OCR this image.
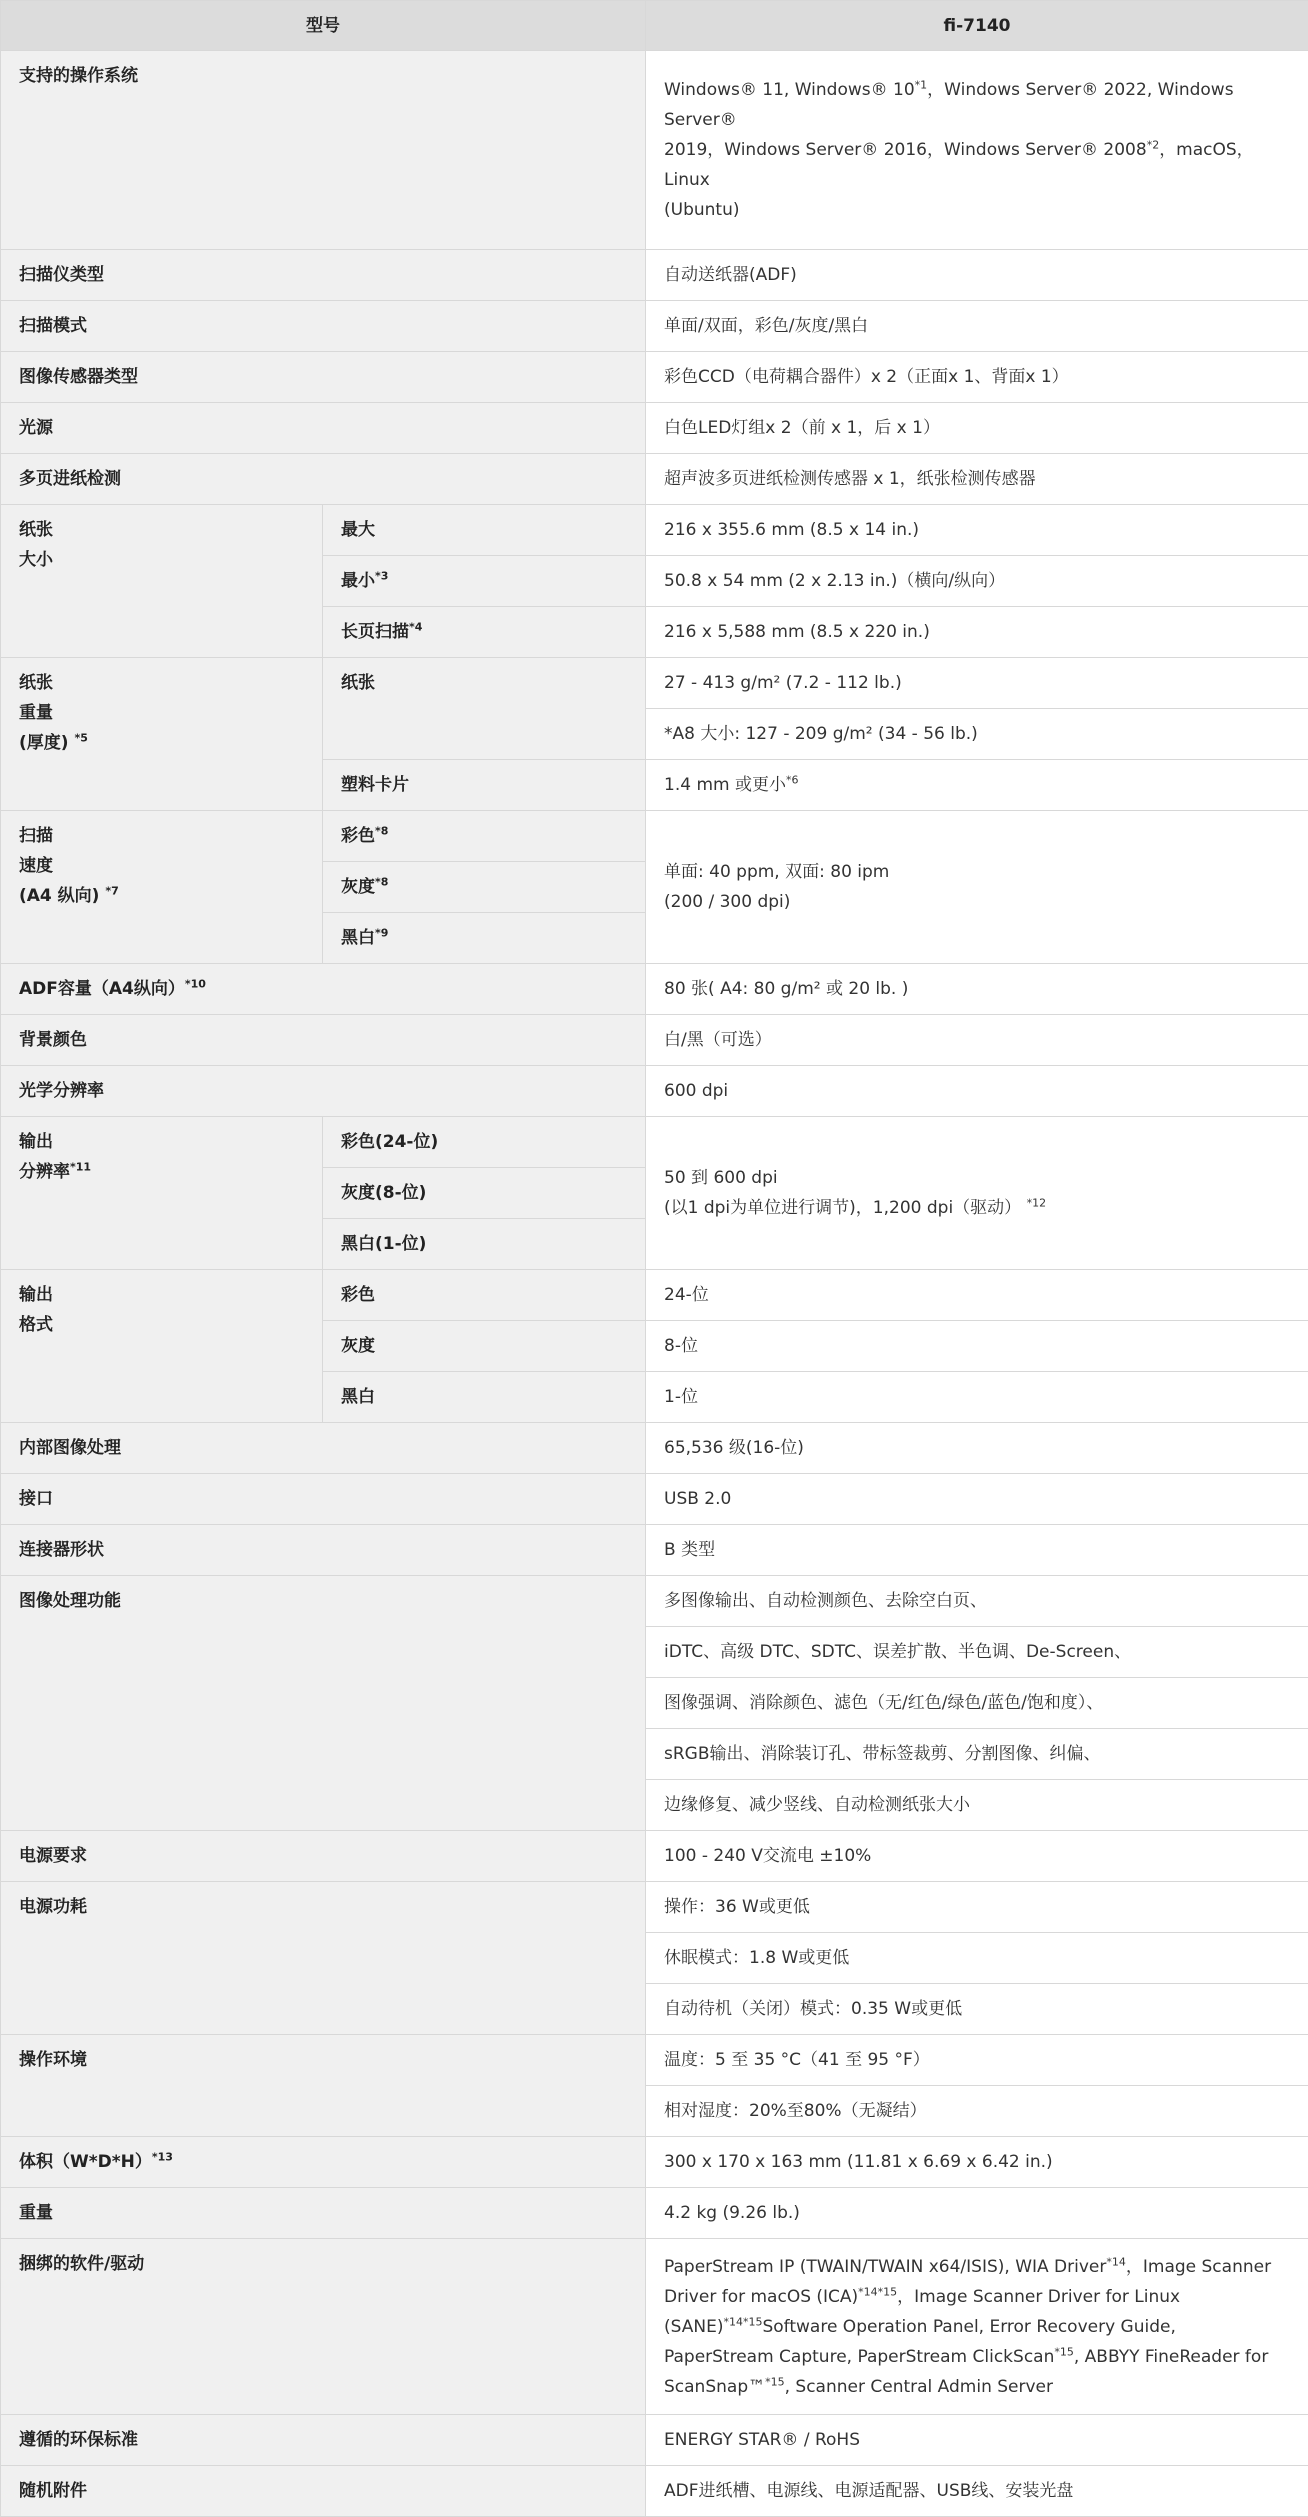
型号		fi-7140
支持的操作系统		Windows® 11, Windows® 10$^{*1}$，Windows Server® 2022, Windows Server®
2019，Windows Server® 2016，Windows Server® 2008$^{*2}$，macOS，Linux
(Ubuntu)
扫描仪类型		自动送纸器(ADF)
扫描模式		单面/双面，彩色/灰度/黑白
图像传感器类型		彩色CCD（电荷耦合器件）x 2（正面x 1、背面x 1）
光源		白色LED灯组x 2（前 x 1，后 x 1）
多页进纸检测		超声波多页进纸检测传感器 x 1，纸张检测传感器

纸张
大小	最大	216 x 355.6 mm (8.5 x 14 in.)
	最小$^{*3}$	50.8 x 54 mm (2 x 2.13 in.)（横向/纵向）
	长页扫描$^{*4}$	216 x 5,588 mm (8.5 x 220 in.)

纸张
重量
(厚度) $^{*5}$	纸张	27 - 413 g/m² (7.2 - 112 lb.)
		*A8 大小: 127 - 209 g/m² (34 - 56 lb.)
	塑料卡片	1.4 mm 或更小$^{*6}$

扫描
速度
(A4 纵向) $^{*7}$	彩色$^{*8}$	单面: 40 ppm, 双面: 80 ipm
(200 / 300 dpi)

	灰度$^{*8}$
	黑白$^{*9}$
ADF容量（A4纵向）$^{*10}$		80 张( A4: 80 g/m² 或 20 lb. )
背景颜色		白/黑（可选）
光学分辨率		600 dpi

输出
分辨率$^{*11}$	彩色(24-位)	50 到 600 dpi
(以1 dpi为单位进行调节)，1,200 dpi（驱动） $^{*12}$

	灰度(8-位)	
	黑白(1-位)	

输出
格式	彩色	24-位
	灰度	8-位
	黑白	1-位
内部图像处理		65,536 级(16-位)
接口		USB 2.0
连接器形状		B 类型
图像处理功能		多图像输出、自动检测颜色、去除空白页、
		iDTC、高级 DTC、SDTC、误差扩散、半色调、De-Screen、
		图像强调、消除颜色、滤色（无/红色/绿色/蓝色/饱和度）、
		sRGB输出、消除装订孔、带标签裁剪、分割图像、纠偏、
		边缘修复、减少竖线、自动检测纸张大小
电源要求		100 - 240 V交流电 ±10%
电源功耗		操作：36 W或更低
		休眠模式：1.8 W或更低
		自动待机（关闭）模式：0.35 W或更低
操作环境		温度：5 至 35 °C（41 至 95 °F）
		相对湿度：20%至80%（无凝结）
体积$(W*D*H)^{*13}$		300 x 170 x 163 mm (11.81 x 6.69 x 6.42 in.)
重量		4.2 kg (9.26 lb.)
捆绑的软件/驱动		PaperStream IP (TWAIN/TWAIN x64/ISIS), WIA Driver$^{*14}$，Image Scanner Driver for macOS (ICA)$^{*14*15}$，Image Scanner Driver for Linux (SANE)$^{*14*15}$Software Operation Panel, Error Recovery Guide, PaperStream Capture, PaperStream ClickScan$^{*15}$, ABBYY FineReader for ScanSnap™$^{*15}$, Scanner Central Admin Server
遵循的环保标准		ENERGY STAR® / RoHS
随机附件		ADF进纸槽、电源线、电源适配器、USB线、安装光盘
